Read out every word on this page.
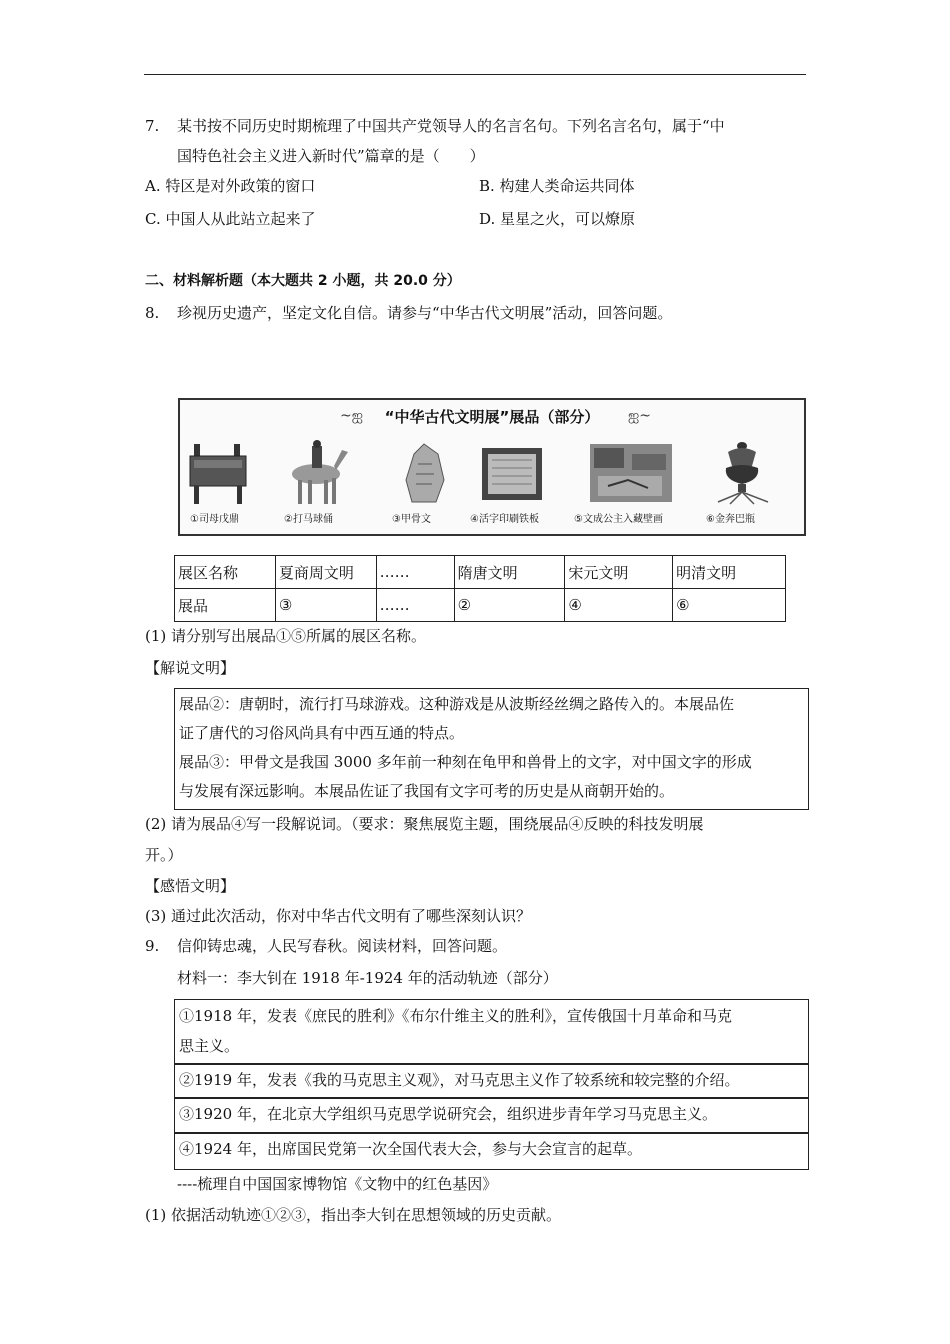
7. 某书按不同历史时期梳理了中国共产党领导人的名言名句。下列名言名句，属于“中
国特色社会主义进入新时代”篇章的是（　　）
A. 特区是对外政策的窗口	B. 构建人类命运共同体
C. 中国人从此站立起来了	D. 星星之火，可以燎原
二、材料解析题（本大题共 2 小题，共 20.0 分）
8. 珍视历史遗产，坚定文化自信。请参与“中华古代文明展”活动，回答问题。
~ஐ	“中华古代文明展”展品（部分）	ஐ~
①司母戊鼎	②打马球俑	③甲骨文	④活字印刷铁板	⑤文成公主入藏壁画	⑥金奔巴瓶
展区名称	夏商周文明	……	隋唐文明	宋元文明	明清文明
展品	③	……	②	④	⑥
(1) 请分别写出展品①⑤所属的展区名称。
【解说文明】
展品②：唐朝时，流行打马球游戏。这种游戏是从波斯经丝绸之路传入的。本展品佐
证了唐代的习俗风尚具有中西互通的特点。
展品③：甲骨文是我国 3000 多年前一种刻在龟甲和兽骨上的文字，对中国文字的形成
与发展有深远影响。本展品佐证了我国有文字可考的历史是从商朝开始的。
(2) 请为展品④写一段解说词。（要求：聚焦展览主题，围绕展品④反映的科技发明展
开。）
【感悟文明】
(3) 通过此次活动，你对中华古代文明有了哪些深刻认识？
9. 信仰铸忠魂，人民写春秋。阅读材料，回答问题。
材料一：李大钊在 1918 年-1924 年的活动轨迹（部分）
①1918 年，发表《庶民的胜利》《布尔什维主义的胜利》，宣传俄国十月革命和马克
思主义。
②1919 年，发表《我的马克思主义观》，对马克思主义作了较系统和较完整的介绍。
③1920 年，在北京大学组织马克思学说研究会，组织进步青年学习马克思主义。
④1924 年，出席国民党第一次全国代表大会，参与大会宣言的起草。
----梳理自中国国家博物馆《文物中的红色基因》
(1) 依据活动轨迹①②③，指出李大钊在思想领域的历史贡献。
